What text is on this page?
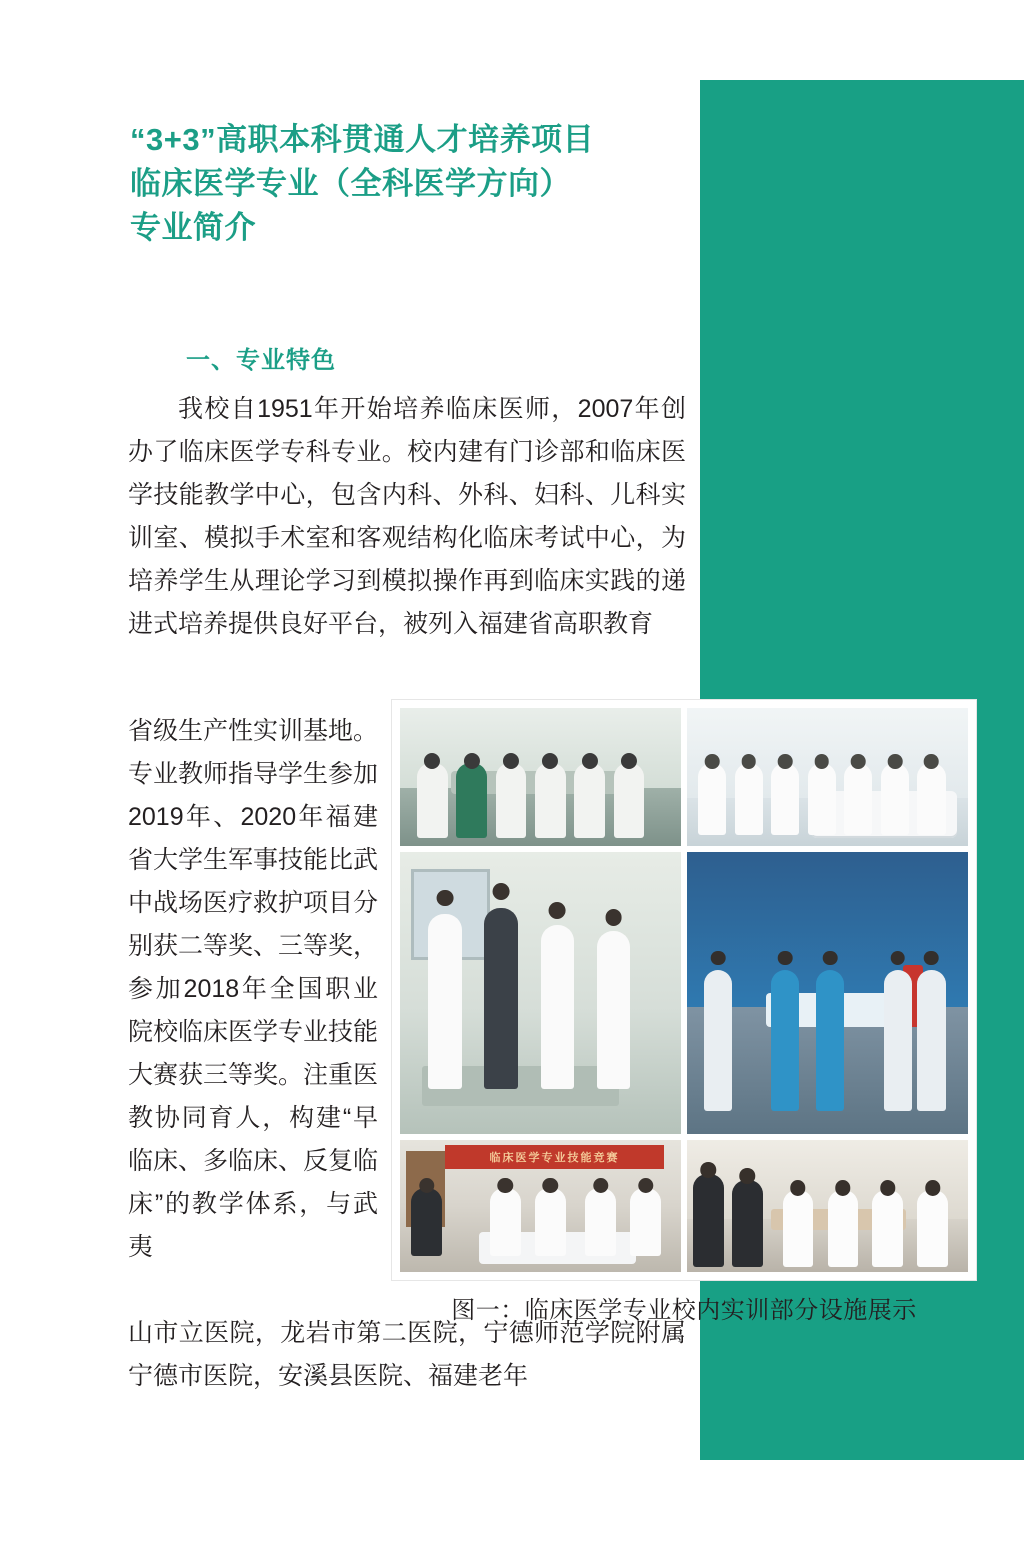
“3+3”高职本科贯通人才培养项目
临床医学专业（全科医学方向）
专业简介
一、专业特色

我校自1951年开始培养临床医师，2007年创办了临床医学专科专业。校内建有门诊部和临床医学技能教学中心，包含内科、外科、妇科、儿科实训室、模拟手术室和客观结构化临床考试中心，为培养学生从理论学习到模拟操作再到临床实践的递进式培养提供良好平台，被列入福建省高职教育

省级生产性实训基地。专业教师指导学生参加2019年、2020年福建省大学生军事技能比武中战场医疗救护项目分别获二等奖、三等奖，参加2018年全国职业院校临床医学专业技能大赛获三等奖。注重医教协同育人，构建“早临床、多临床、反复临床”的教学体系，与武夷

山市立医院，龙岩市第二医院，宁德师范学院附属宁德市医院，安溪县医院、福建老年

临床医学专业技能竞赛
图一：临床医学专业校内实训部分设施展示
